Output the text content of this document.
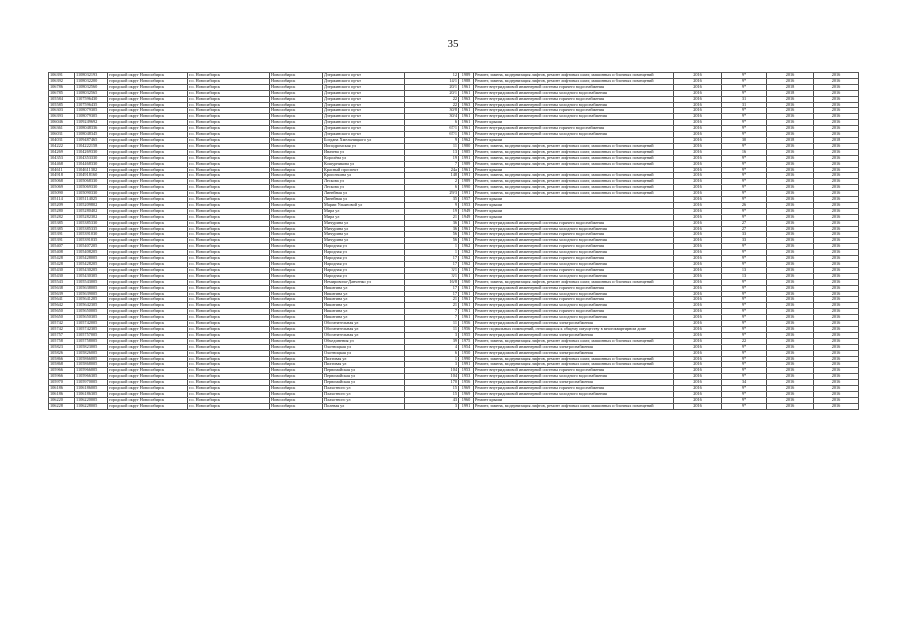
35
106391	1108032193	городской округ Новосибирск	г.о. Новосибирск	Новосибирск	Дзержинского пр-кт	12	1989	Ремонт, замена, модернизация лифтов, ремонт лифтовых шахт, машинных и блочных помещений	2016	9*	2016	2016
106392	1108032200	городской округ Новосибирск	г.о. Новосибирск	Новосибирск	Дзержинского пр-кт	14/1	1988	Ремонт, замена, модернизация лифтов, ремонт лифтовых шахт, машинных и блочных помещений	2016	9*	2016	2016
106786	1108032560	городской округ Новосибирск	г.о. Новосибирск	Новосибирск	Дзержинского пр-кт	20/1	1961	Ремонт внутридомовой инженерной системы горячего водоснабжения	2016	9*	2018	2016
106785	1108032565	городской округ Новосибирск	г.о. Новосибирск	Новосибирск	Дзержинского пр-кт	20/1	1961	Ремонт внутридомовой инженерной системы холодного водоснабжения	2016	9*	2018	2016
105584	1107596430	городской округ Новосибирск	г.о. Новосибирск	Новосибирск	Дзержинского пр-кт	22	1963	Ремонт внутридомовой инженерной системы горячего водоснабжения	2016	31	2016	2016
105585	1107596435	городской округ Новосибирск	г.о. Новосибирск	Новосибирск	Дзержинского пр-кт	22	1963	Ремонт внутридомовой инженерной системы холодного водоснабжения	2016	31	2016	2016
106303	1108079305	городской округ Новосибирск	г.о. Новосибирск	Новосибирск	Дзержинского пр-кт	30/8	1961	Ремонт внутридомовой инженерной системы горячего водоснабжения	2016	9*	2016	2016
106393	1108079305	городской округ Новосибирск	г.о. Новосибирск	Новосибирск	Дзержинского пр-кт	30/4	1961	Ремонт внутридомовой инженерной системы холодного водоснабжения	2016	9*	2016	2016
106046	1109249692	городской округ Новосибирск	г.о. Новосибирск	Новосибирск	Дзержинского пр-кт	6	1961	Ремонт крыши	2016	9*	2016	2016
106361	1108048336	городской округ Новосибирск	г.о. Новосибирск	Новосибирск	Дзержинского пр-кт	67/1	1961	Ремонт внутридомовой инженерной системы горячего водоснабжения	2016	9*	2016	2016
106031	1108048345	городской округ Новосибирск	г.о. Новосибирск	Новосибирск	Дзержинского пр-кт	67/1	1961	Ремонт внутридомовой инженерной системы холодного водоснабжения	2016	9*	2016	2016
104031	1109487465	городской округ Новосибирск	г.о. Новосибирск	Новосибирск	Богдана Хмельницкого ул	9	1962	Ремонт крыши	2016	30	2018	2018
104222	1104222158	городской округ Новосибирск	г.о. Новосибирск	Новосибирск	Ипподромская ул	11	1980	Ремонт, замена, модернизация лифтов, ремонт лифтовых шахт, машинных и блочных помещений	2016	9*	2016	2016
104269	1104269330	городской округ Новосибирск	г.о. Новосибирск	Новосибирск	Ивачева ул	13	1985	Ремонт, замена, модернизация лифтов, ремонт лифтовых шахт, машинных и блочных помещений	2016	16	2016	2016
104353	1104353330	городской округ Новосибирск	г.о. Новосибирск	Новосибирск	Королёва ул	19	1991	Ремонт, замена, модернизация лифтов, ремонт лифтовых шахт, машинных и блочных помещений	2016	9*	2016	2016
104468	1104468330	городской округ Новосибирск	г.о. Новосибирск	Новосибирск	Кошурникова ул	7	1989	Ремонт, замена, модернизация лифтов, ремонт лифтовых шахт, машинных и блочных помещений	2016	9*	2016	2016
104611	1104611302	городской округ Новосибирск	г.о. Новосибирск	Новосибирск	Красный проспект	24а	1961	Ремонт крыши	2016	9*	2016	2016
104918	1104918160	городской округ Новосибирск	г.о. Новосибирск	Новосибирск	Кропоткина ул	148	1991	Ремонт, замена, модернизация лифтов, ремонт лифтовых шахт, машинных и блочных помещений	2016	9*	2016	2016
105068	1105068330	городской округ Новосибирск	г.о. Новосибирск	Новосибирск	Лескова ул	2	1989	Ремонт, замена, модернизация лифтов, ремонт лифтовых шахт, машинных и блочных помещений	2016	9*	2016	2016
105069	1105069330	городской округ Новосибирск	г.о. Новосибирск	Новосибирск	Лескова ул	6	1990	Ремонт, замена, модернизация лифтов, ремонт лифтовых шахт, машинных и блочных помещений	2016	9*	2016	2016
105090	1105090330	городской округ Новосибирск	г.о. Новосибирск	Новосибирск	Линейная ул	29/3	1991	Ремонт, замена, модернизация лифтов, ремонт лифтовых шахт, машинных и блочных помещений	2016	9*	2016	2016
105114	1105114025	городской округ Новосибирск	г.о. Новосибирск	Новосибирск	Линейная ул	35	1957	Ремонт крыши	2016	9*	2016	2016
105209	1105209802	городской округ Новосибирск	г.о. Новосибирск	Новосибирск	Марии Ульяновой ул	9	1953	Ремонт крыши	2016	26	2016	2016
105280	1105280402	городской округ Новосибирск	г.о. Новосибирск	Новосибирск	Мира ул	19	1949	Ремонт крыши	2016	9*	2016	2016
105282	1105282302	городской округ Новосибирск	г.о. Новосибирск	Новосибирск	Мира ул	21	1949	Ремонт крыши	2016	9*	2016	2016
105385	1105385330	городской округ Новосибирск	г.о. Новосибирск	Новосибирск	Мичурина ул	36	1961	Ремонт внутридомовой инженерной системы горячего водоснабжения	2016	27	2016	2016
105385	1105385335	городской округ Новосибирск	г.о. Новосибирск	Новосибирск	Мичурина ул	36	1961	Ремонт внутридомовой инженерной системы холодного водоснабжения	2016	27	2016	2016
105391	1105391030	городской округ Новосибирск	г.о. Новосибирск	Новосибирск	Мичурина ул	56	1961	Ремонт внутридомовой инженерной системы горячего водоснабжения	2016	33	2016	2016
105391	1105391035	городской округ Новосибирск	г.о. Новосибирск	Новосибирск	Мичурина ул	56	1961	Ремонт внутридомовой инженерной системы холодного водоснабжения	2016	33	2016	2016
105407	1105407205	городской округ Новосибирск	г.о. Новосибирск	Новосибирск	Народная ул	1	1962	Ремонт внутридомовой инженерной системы горячего водоснабжения	2016	9*	2016	2016
105408	1105408205	городской округ Новосибирск	г.о. Новосибирск	Новосибирск	Народная ул	1	1962	Ремонт внутридомовой инженерной системы холодного водоснабжения	2016	9*	2016	2016
105428	1105428005	городской округ Новосибирск	г.о. Новосибирск	Новосибирск	Народная ул	17	1962	Ремонт внутридомовой инженерной системы горячего водоснабжения	2016	9*	2016	2016
105428	1105428205	городской округ Новосибирск	г.о. Новосибирск	Новосибирск	Народная ул	17	1962	Ремонт внутридомовой инженерной системы холодного водоснабжения	2016	9*	2016	2016
105430	1105430205	городской округ Новосибирск	г.о. Новосибирск	Новосибирск	Народная ул	3/1	1961	Ремонт внутридомовой инженерной системы горячего водоснабжения	2016	13	2016	2016
105430	1105430305	городской округ Новосибирск	г.о. Новосибирск	Новосибирск	Народная ул	3/1	1961	Ремонт внутридомовой инженерной системы холодного водоснабжения	2016	13	2016	2016
105543	1105543005	городской округ Новосибирск	г.о. Новосибирск	Новосибирск	Немировича-Данченко ул	16/8	1960	Ремонт, замена, модернизация лифтов, ремонт лифтовых шахт, машинных и блочных помещений	2016	9*	2016	2016
105638	1105638005	городской округ Новосибирск	г.о. Новосибирск	Новосибирск	Никитина ул	17	1961	Ремонт внутридомовой инженерной системы горячего водоснабжения	2016	9*	2016	2016
105639	1105639005	городской округ Новосибирск	г.о. Новосибирск	Новосибирск	Никитина ул	17	1961	Ремонт внутридомовой инженерной системы холодного водоснабжения	2016	9*	2016	2016
105641	1105641205	городской округ Новосибирск	г.о. Новосибирск	Новосибирск	Никитина ул	21	1961	Ремонт внутридомовой инженерной системы горячего водоснабжения	2016	9*	2016	2016
105642	1105642305	городской округ Новосибирск	г.о. Новосибирск	Новосибирск	Никитина ул	21	1961	Ремонт внутридомовой инженерной системы холодного водоснабжения	2016	9*	2016	2016
105650	1105650005	городской округ Новосибирск	г.о. Новосибирск	Новосибирск	Никитина ул	7	1961	Ремонт внутридомовой инженерной системы горячего водоснабжения	2016	9*	2016	2016
105650	1105650305	городской округ Новосибирск	г.о. Новосибирск	Новосибирск	Никитина ул	7	1961	Ремонт внутридомовой инженерной системы холодного водоснабжения	2016	9*	2016	2016
105742	1105742005	городской округ Новосибирск	г.о. Новосибирск	Новосибирск	Обогатительная ул	11	1956	Ремонт внутридомовой инженерной системы электроснабжения	2016	9*	2016	2016
105742	1105742305	городской округ Новосибирск	г.о. Новосибирск	Новосибирск	Обогатительная ул	11	1956	Ремонт подвальных помещений, относящихся к общему имуществу в многоквартирном доме	2016	9*	2016	2016
105757	1105757005	городской округ Новосибирск	г.о. Новосибирск	Новосибирск	Обогатительная ул	3	1955	Ремонт внутридомовой инженерной системы электроснабжения	2016	9*	2016	2016
105758	1105758005	городской округ Новосибирск	г.о. Новосибирск	Новосибирск	Объединения ул	39	1975	Ремонт, замена, модернизация лифтов, ремонт лифтовых шахт, машинных и блочных помещений	2016	22	2016	2016
105823	1105823005	городской округ Новосибирск	г.о. Новосибирск	Новосибирск	Охотницкая ул	4	1954	Ремонт внутридомовой инженерной системы электроснабжения	2016	9*	2016	2016
105826	1105826005	городской округ Новосибирск	г.о. Новосибирск	Новосибирск	Охотницкая ул	6	1950	Ремонт внутридомовой инженерной системы электроснабжения	2016	9*	2016	2016
105866	1105866005	городской округ Новосибирск	г.о. Новосибирск	Новосибирск	Пихтовая ул	1	1990	Ремонт, замена, модернизация лифтов, ремонт лифтовых шахт, машинных и блочных помещений	2016	9*	2016	2016
105868	1105868005	городской округ Новосибирск	г.о. Новосибирск	Новосибирск	Пихтовая ул	3	1991	Ремонт, замена, модернизация лифтов, ремонт лифтовых шахт, машинных и блочных помещений	2016	9*	2016	2016
105966	1105966005	городской округ Новосибирск	г.о. Новосибирск	Новосибирск	Первомайская ул	104	1953	Ремонт внутридомовой инженерной системы горячего водоснабжения	2016	9*	2016	2016
105966	1105966305	городской округ Новосибирск	г.о. Новосибирск	Новосибирск	Первомайская ул	104	1953	Ремонт внутридомовой инженерной системы холодного водоснабжения	2016	9*	2016	2016
105970	1105970005	городской округ Новосибирск	г.о. Новосибирск	Новосибирск	Первомайская ул	170	1956	Ремонт внутридомовой инженерной системы электроснабжения	2016	34	2016	2016
106186	1106186005	городской округ Новосибирск	г.о. Новосибирск	Новосибирск	Плахотного ул	15	1969	Ремонт внутридомовой инженерной системы горячего водоснабжения	2016	9*	2016	2016
106186	1106186305	городской округ Новосибирск	г.о. Новосибирск	Новосибирск	Плахотного ул	15	1969	Ремонт внутридомовой инженерной системы холодного водоснабжения	2016	9*	2016	2016
106220	1106220005	городской округ Новосибирск	г.о. Новосибирск	Новосибирск	Плахотного ул	43	1960	Ремонт крыши	2016	9*	2016	2016
106228	1106228005	городской округ Новосибирск	г.о. Новосибирск	Новосибирск	Полевая ул	3	1991	Ремонт, замена, модернизация лифтов, ремонт лифтовых шахт, машинных и блочных помещений	2016	9*	2016	2016
